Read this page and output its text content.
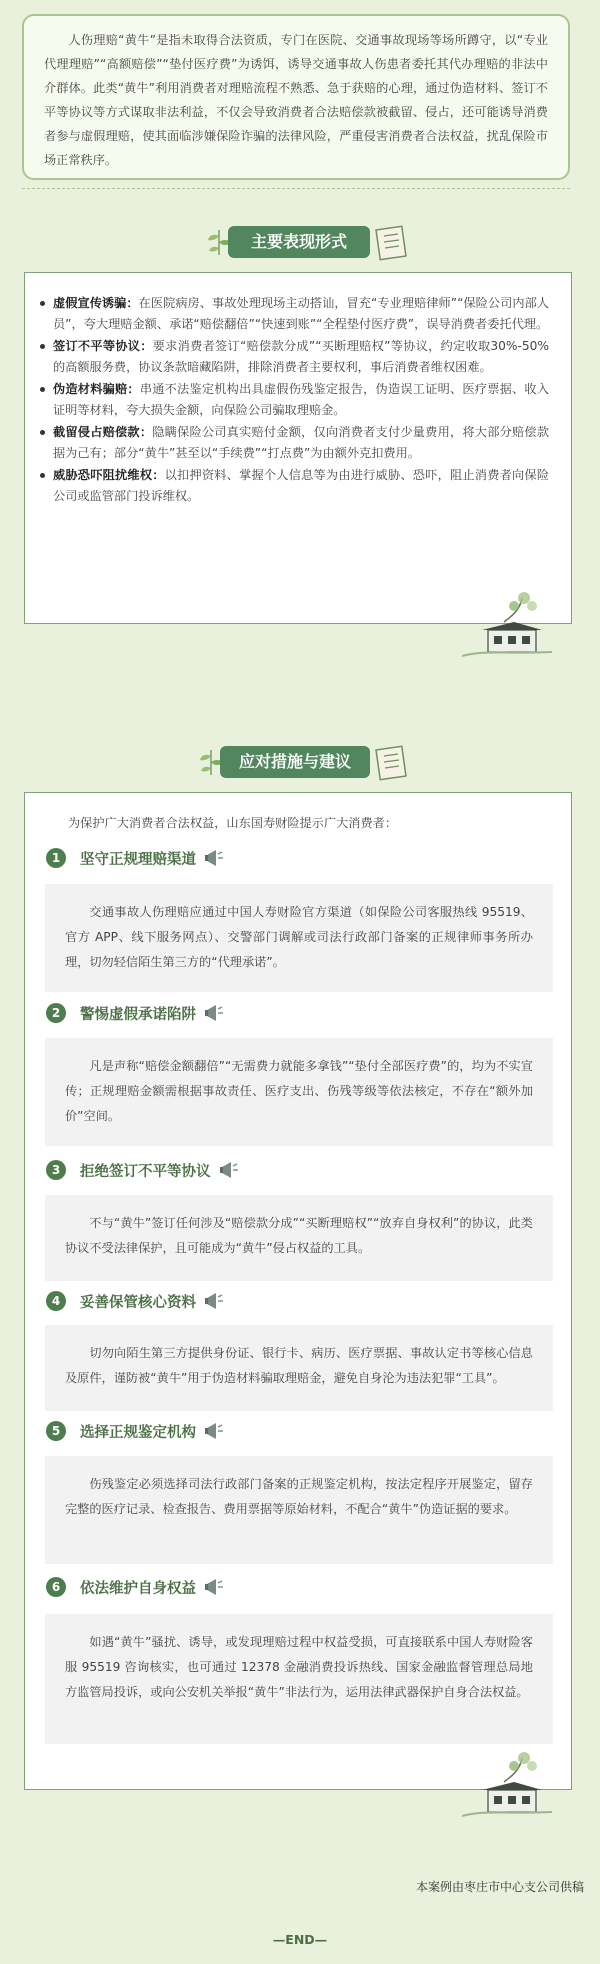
人伤理赔“黄牛”是指未取得合法资质，专门在医院、交通事故现场等场所蹲守，以“专业代理理赔”“高额赔偿”“垫付医疗费”为诱饵，诱导交通事故人伤患者委托其代办理赔的非法中介群体。此类“黄牛”利用消费者对理赔流程不熟悉、急于获赔的心理，通过伪造材料、签订不平等协议等方式谋取非法利益，不仅会导致消费者合法赔偿款被截留、侵占，还可能诱导消费者参与虚假理赔，使其面临涉嫌保险诈骗的法律风险，严重侵害消费者合法权益，扰乱保险市场正常秩序。

主要表现形式
虚假宣传诱骗：在医院病房、事故处理现场主动搭讪，冒充“专业理赔律师”“保险公司内部人员”，夸大理赔金额、承诺“赔偿翻倍”“快速到账”“全程垫付医疗费”，误导消费者委托代理。
签订不平等协议：要求消费者签订“赔偿款分成”“买断理赔权”等协议，约定收取30%-50%的高额服务费，协议条款暗藏陷阱，排除消费者主要权利，事后消费者维权困难。
伪造材料骗赔：串通不法鉴定机构出具虚假伤残鉴定报告，伪造误工证明、医疗票据、收入证明等材料，夸大损失金额，向保险公司骗取理赔金。
截留侵占赔偿款：隐瞒保险公司真实赔付金额，仅向消费者支付少量费用，将大部分赔偿款据为己有；部分“黄牛”甚至以“手续费”“打点费”为由额外克扣费用。
威胁恐吓阻扰维权：以扣押资料、掌握个人信息等为由进行威胁、恐吓，阻止消费者向保险公司或监管部门投诉维权。
应对措施与建议
为保护广大消费者合法权益，山东国寿财险提示广大消费者：
1	坚守正规理赔渠道
交通事故人伤理赔应通过中国人寿财险官方渠道（如保险公司客服热线 95519、官方 APP、线下服务网点）、交警部门调解或司法行政部门备案的正规律师事务所办理，切勿轻信陌生第三方的“代理承诺”。
2	警惕虚假承诺陷阱
凡是声称“赔偿金额翻倍”“无需费力就能多拿钱”“垫付全部医疗费”的，均为不实宣传；正规理赔金额需根据事故责任、医疗支出、伤残等级等依法核定，不存在“额外加价”空间。
3	拒绝签订不平等协议
不与“黄牛”签订任何涉及“赔偿款分成”“买断理赔权”“放弃自身权利”的协议，此类协议不受法律保护，且可能成为“黄牛”侵占权益的工具。
4	妥善保管核心资料
切勿向陌生第三方提供身份证、银行卡、病历、医疗票据、事故认定书等核心信息及原件，谨防被“黄牛”用于伪造材料骗取理赔金，避免自身沦为违法犯罪“工具”。
5	选择正规鉴定机构
伤残鉴定必须选择司法行政部门备案的正规鉴定机构，按法定程序开展鉴定，留存完整的医疗记录、检查报告、费用票据等原始材料，不配合“黄牛”伪造证据的要求。
6	依法维护自身权益
如遇“黄牛”骚扰、诱导，或发现理赔过程中权益受损，可直接联系中国人寿财险客服 95519 咨询核实，也可通过 12378 金融消费投诉热线、国家金融监督管理总局地方监管局投诉，或向公安机关举报“黄牛”非法行为，运用法律武器保护自身合法权益。
本案例由枣庄市中心支公司供稿
—END—
